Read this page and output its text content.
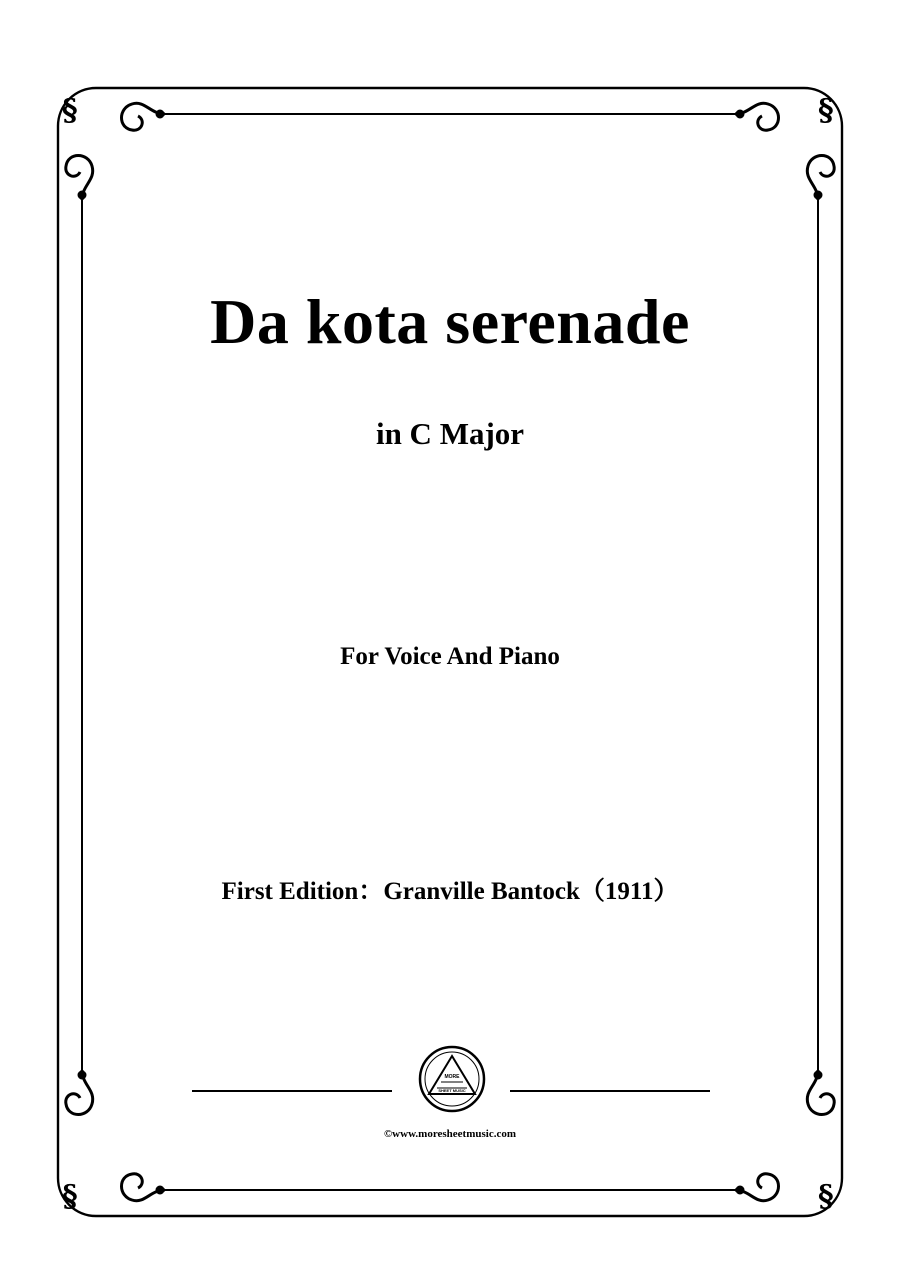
§	§
§	§
Da kota serenade
in C Major
For Voice And Piano
First Edition：Granville Bantock（1911）
MORE
SHEET MUSIC
©www.moresheetmusic.com
